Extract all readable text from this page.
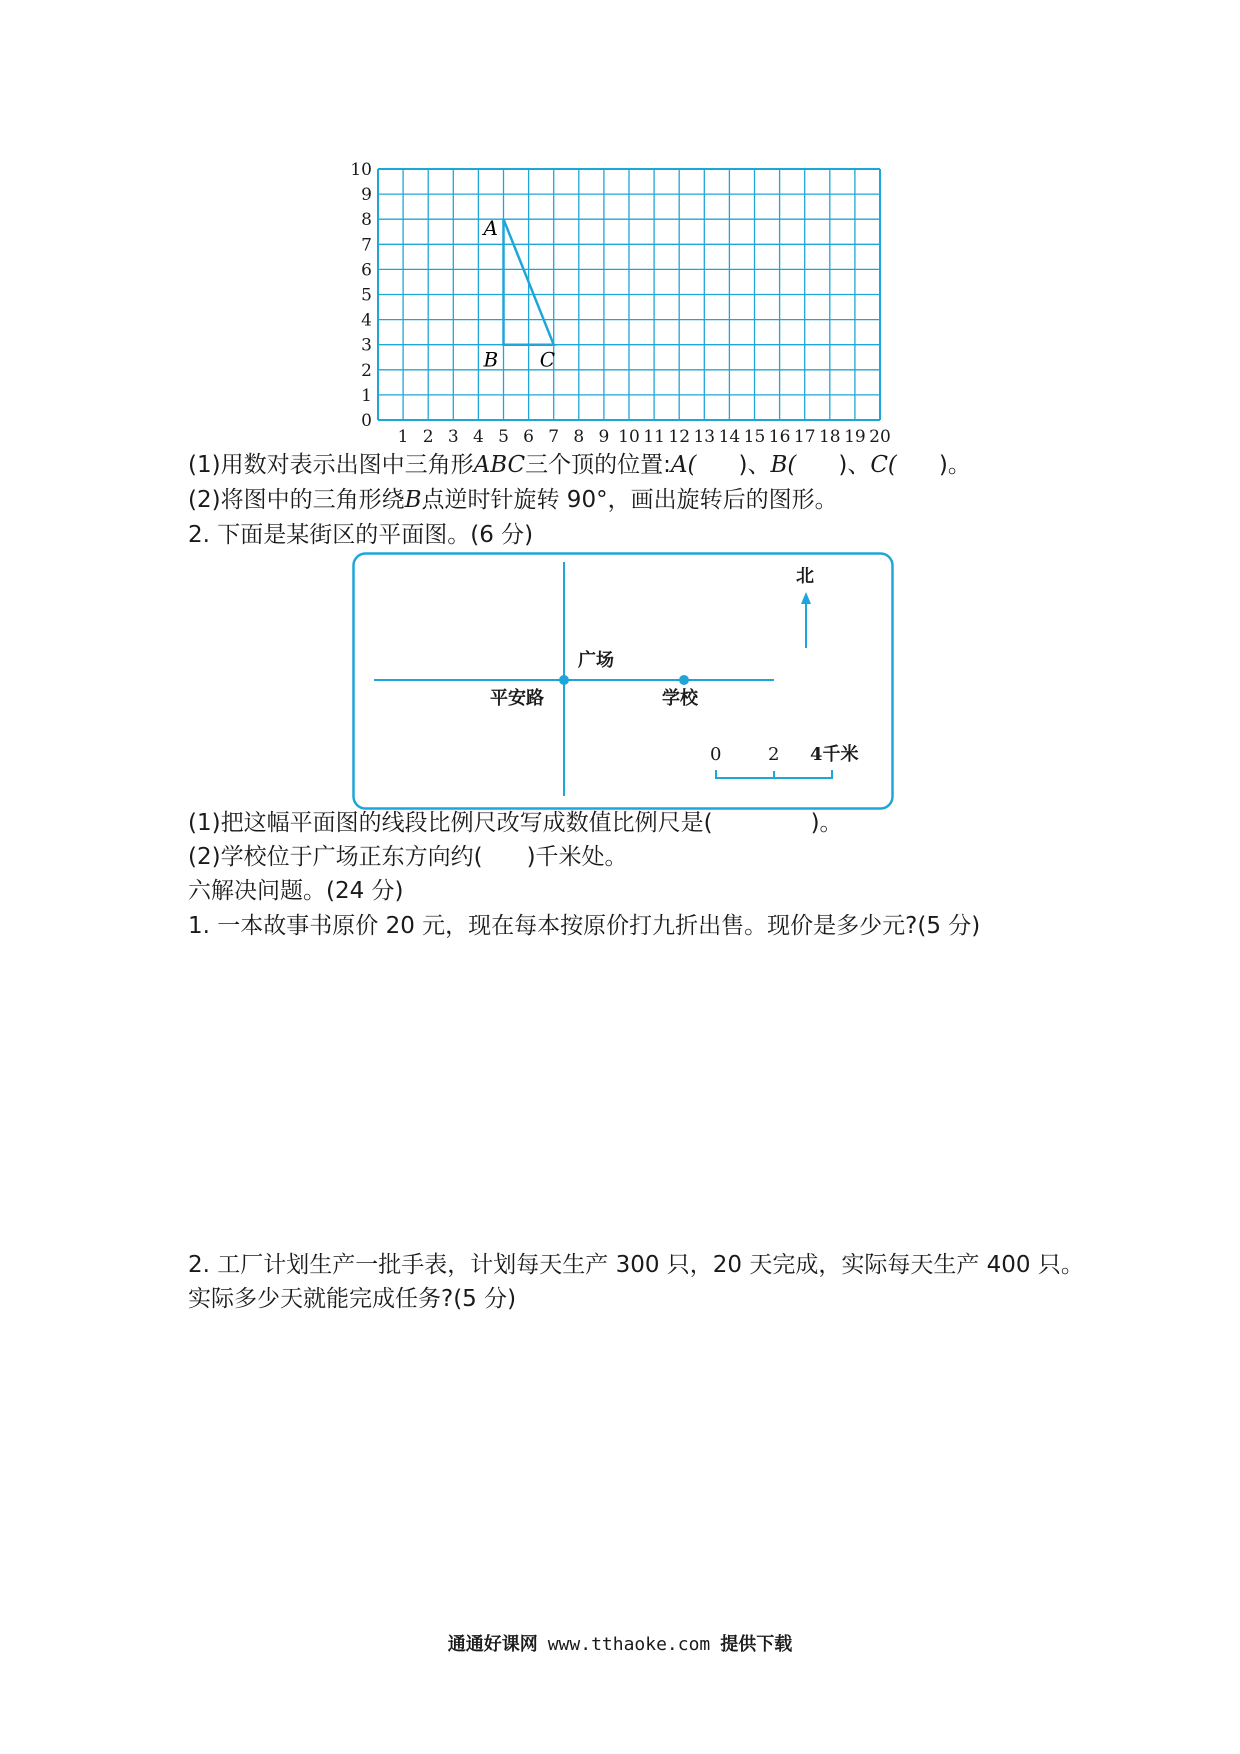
1 2 3 4 5 6 7 8 9 10 11 12 13 14 15 16 17 18 19 20
0
1
2
3
4
5
6
7
8
9
10
A
B C
(1)用数对表示出图中三角形ABC三个顶的位置:A( )、B( )、C( )。
(2)将图中的三角形绕B点逆时针旋转 90°，画出旋转后的图形。
2. 下面是某街区的平面图。(6 分)
广场
平安路	学校
北
0	2 4千米
(1)把这幅平面图的线段比例尺改写成数值比例尺是(	)。
(2)学校位于广场正东方向约( )千米处。
六解决问题。(24 分)
1. 一本故事书原价 20 元，现在每本按原价打九折出售。现价是多少元?(5 分)
2. 工厂计划生产一批手表，计划每天生产 300 只，20 天完成，实际每天生产 400 只。
实际多少天就能完成任务?(5 分)
通通好课网 www.tthaoke.com 提供下载
